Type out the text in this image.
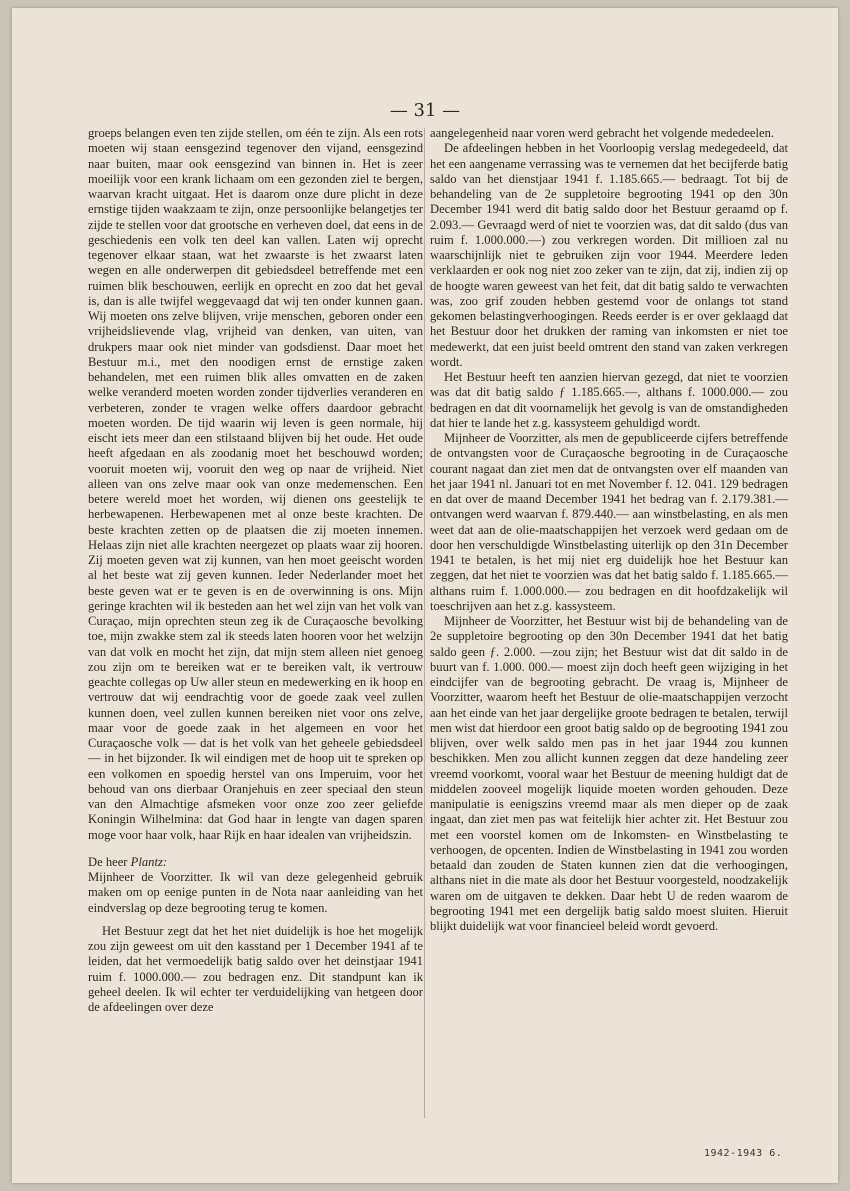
— 31 —

groeps belangen even ten zijde stellen, om één te zijn. Als een rots moeten wij staan eensgezind tegenover den vijand, eensgezind naar buiten, maar ook eensgezind van binnen in. Het is zeer moeilijk voor een krank lichaam om een gezonden ziel te bergen, waarvan kracht uitgaat. Het is daarom onze dure plicht in deze ernstige tijden waakzaam te zijn, onze persoonlijke belangetjes ter zijde te stellen voor dat grootsche en verheven doel, dat eens in de geschiedenis een volk ten deel kan vallen. Laten wij oprecht tegenover elkaar staan, wat het zwaarste is het zwaarst laten wegen en alle onderwerpen dit gebiedsdeel betreffende met een ruimen blik beschouwen, eerlijk en oprecht en zoo dat het geval is, dan is alle twijfel weggevaagd dat wij ten onder kunnen gaan. Wij moeten ons zelve blijven, vrije menschen, geboren onder een vrijheidslievende vlag, vrijheid van denken, van uiten, van drukpers maar ook niet minder van godsdienst. Daar moet het Bestuur m.i., met den noodigen ernst de ernstige zaken behandelen, met een ruimen blik alles omvatten en de zaken welke veranderd moeten worden zonder tijdverlies veranderen en verbeteren, zonder te vragen welke offers daardoor gebracht moeten worden. De tijd waarin wij leven is geen normale, hij eischt iets meer dan een stilstaand blijven bij het oude. Het oude heeft afgedaan en als zoodanig moet het beschouwd worden; vooruit moeten wij, vooruit den weg op naar de vrijheid. Niet alleen van ons zelve maar ook van onze medemenschen. Een betere wereld moet het worden, wij dienen ons geestelijk te herbewapenen. Herbewapenen met al onze beste krachten. De beste krachten zetten op de plaatsen die zij moeten innemen. Helaas zijn niet alle krachten neergezet op plaats waar zij hooren. Zij moeten geven wat zij kunnen, van hen moet geeischt worden al het beste wat zij geven kunnen. Ieder Nederlander moet het beste geven wat er te geven is en de overwinning is ons. Mijn geringe krachten wil ik besteden aan het wel zijn van het volk van Curaçao, mijn oprechten steun zeg ik de Curaçaosche bevolking toe, mijn zwakke stem zal ik steeds laten hooren voor het welzijn van dat volk en mocht het zijn, dat mijn stem alleen niet genoeg zou zijn om te bereiken wat er te bereiken valt, ik vertrouw geachte collegas op Uw aller steun en medewerking en ik hoop en vertrouw dat wij eendrachtig voor de goede zaak veel zullen kunnen doen, veel zullen kunnen bereiken niet voor ons zelve, maar voor de goede zaak in het algemeen en voor het Curaçaosche volk — dat is het volk van het geheele gebiedsdeel — in het bijzonder. Ik wil eindigen met de hoop uit te spreken op een volkomen en spoedig herstel van ons Imperuim, voor het behoud van ons dierbaar Oranjehuis en zeer speciaal den steun van den Almachtige afsmeken voor onze zoo zeer geliefde Koningin Wilhelmina: dat God haar in lengte van dagen sparen moge voor haar volk, haar Rijk en haar idealen van vrijheidszin.

De heer Plantz:

Mijnheer de Voorzitter. Ik wil van deze gelegenheid gebruik maken om op eenige punten in de Nota naar aanleiding van het eindverslag op deze begrooting terug te komen.

Het Bestuur zegt dat het het niet duidelijk is hoe het mogelijk zou zijn geweest om uit den kasstand per 1 December 1941 af te leiden, dat het vermoedelijk batig saldo over het deinstjaar 1941 ruim f. 1000.000.— zou bedragen enz. Dit standpunt kan ik geheel deelen. Ik wil echter ter verduidelijking van hetgeen door de afdeelingen over deze

aangelegenheid naar voren werd gebracht het volgende mededeelen.

De afdeelingen hebben in het Voorloopig verslag medegedeeld, dat het een aangename verrassing was te vernemen dat het becijferde batig saldo van het dienstjaar 1941 f. 1.185.665.— bedraagt. Tot bij de behandeling van de 2e suppletoire begrooting 1941 op den 30n December 1941 werd dit batig saldo door het Bestuur geraamd op f. 2.093.— Gevraagd werd of niet te voorzien was, dat dit saldo (dus van ruim f. 1.000.000.—) zou verkregen worden. Dit millioen zal nu waarschijnlijk niet te gebruiken zijn voor 1944. Meerdere leden verklaarden er ook nog niet zoo zeker van te zijn, dat zij, indien zij op de hoogte waren geweest van het feit, dat dit batig saldo te verwachten was, zoo grif zouden hebben gestemd voor de onlangs tot stand gekomen belastingverhoogingen. Reeds eerder is er over geklaagd dat het Bestuur door het drukken der raming van inkomsten er niet toe medewerkt, dat een juist beeld omtrent den stand van zaken verkregen wordt.

Het Bestuur heeft ten aanzien hiervan gezegd, dat niet te voorzien was dat dit batig saldo ƒ 1.185.665.—, althans f. 1000.000.— zou bedragen en dat dit voornamelijk het gevolg is van de omstandigheden dat hier te lande het z.g. kassysteem gehuldigd wordt.

Mijnheer de Voorzitter, als men de gepubliceerde cijfers betreffende de ontvangsten voor de Curaçaosche begrooting in de Curaçaosche courant nagaat dan ziet men dat de ontvangsten over elf maanden van het jaar 1941 nl. Januari tot en met November f. 12. 041. 129 bedragen en dat over de maand December 1941 het bedrag van f. 2.179.381.— ontvangen werd waarvan f. 879.440.— aan winstbelasting, en als men weet dat aan de olie-maatschappijen het verzoek werd gedaan om de door hen verschuldigde Winstbelasting uiterlijk op den 31n December 1941 te betalen, is het mij niet erg duidelijk hoe het Bestuur kan zeggen, dat het niet te voorzien was dat het batig saldo f. 1.185.665.— althans ruim f. 1.000.000.— zou bedragen en dit hoofdzakelijk wil toeschrijven aan het z.g. kassysteem.

Mijnheer de Voorzitter, het Bestuur wist bij de behandeling van de 2e suppletoire begrooting op den 30n December 1941 dat het batig saldo geen ƒ. 2.000. —zou zijn; het Bestuur wist dat dit saldo in de buurt van f. 1.000. 000.— moest zijn doch heeft geen wijziging in het eindcijfer van de begrooting gebracht. De vraag is, Mijnheer de Voorzitter, waarom heeft het Bestuur de olie-maatschappijen verzocht aan het einde van het jaar dergelijke groote bedragen te betalen, terwijl men wist dat hierdoor een groot batig saldo op de begrooting 1941 zou blijven, over welk saldo men pas in het jaar 1944 zou kunnen beschikken. Men zou allicht kunnen zeggen dat deze handeling zeer vreemd voorkomt, vooral waar het Bestuur de meening huldigt dat de middelen zooveel mogelijk liquide moeten worden gehouden. Deze manipulatie is eenigszins vreemd maar als men dieper op de zaak ingaat, dan ziet men pas wat feitelijk hier achter zit. Het Bestuur zou met een voorstel komen om de Inkomsten- en Winstbelasting te verhoogen, de opcenten. Indien de Winstbelasting in 1941 zou worden betaald dan zouden de Staten kunnen zien dat die verhoogingen, althans niet in die mate als door het Bestuur voorgesteld, noodzakelijk waren om de uitgaven te dekken. Daar hebt U de reden waarom de begrooting 1941 met een dergelijk batig saldo moest sluiten. Hieruit blijkt duidelijk wat voor financieel beleid wordt gevoerd.

1942-1943 6.
